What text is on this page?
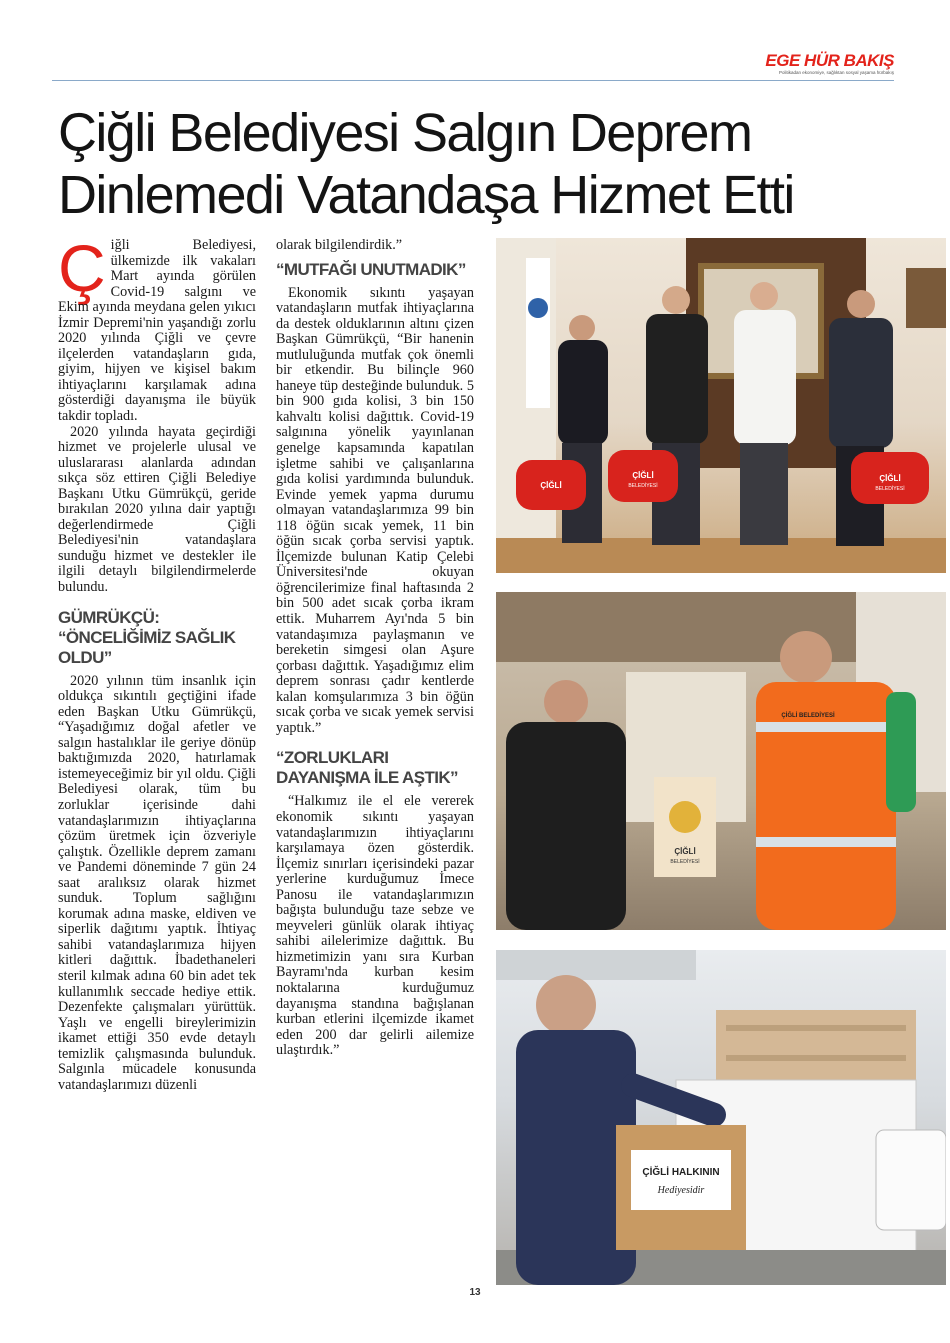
EGE HÜR BAKIŞ
Politikadan ekonomiye, sağlıktan sosyal yaşama hürbakış
Çiğli Belediyesi Salgın Deprem Dinlemedi Vatandaşa Hizmet Etti
Ç iğli Belediyesi, ülkemizde ilk vakaları Mart ayında görülen Covid-19 salgını ve Ekim ayında meydana gelen yıkıcı İzmir Depremi'nin yaşandığı zorlu 2020 yılında Çiğli ve çevre ilçelerden vatandaşların gıda, giyim, hijyen ve kişisel bakım ihtiyaçlarını karşılamak adına gösterdiği dayanışma ile büyük takdir topladı.

2020 yılında hayata geçirdiği hizmet ve projelerle ulusal ve uluslararası alanlarda adından sıkça söz ettiren Çiğli Belediye Başkanı Utku Gümrükçü, geride bırakılan 2020 yılına dair yaptığı değerlendirmede Çiğli Belediyesi'nin vatandaşlara sunduğu hizmet ve destekler ile ilgili detaylı bilgilendirmelerde bulundu.

GÜMRÜKÇÜ: “ÖNCELİĞİMİZ SAĞLIK OLDU”

2020 yılının tüm insanlık için oldukça sıkıntılı geçtiğini ifade eden Başkan Utku Gümrükçü, “Yaşadığımız doğal afetler ve salgın hastalıklar ile geriye dönüp baktığımızda 2020, hatırlamak istemeyeceğimiz bir yıl oldu. Çiğli Belediyesi olarak, tüm bu zorluklar içerisinde dahi vatandaşlarımızın ihtiyaçlarına çözüm üretmek için özveriyle çalıştık. Özellikle deprem zamanı ve Pandemi döneminde 7 gün 24 saat aralıksız olarak hizmet sunduk. Toplum sağlığını korumak adına maske, eldiven ve siperlik dağıtımı yaptık. İhtiyaç sahibi vatandaşlarımıza hijyen kitleri dağıttık. İbadethaneleri steril kılmak adına 60 bin adet tek kullanımlık seccade hediye ettik. Dezenfekte çalışmaları yürüttük. Yaşlı ve engelli bireylerimizin ikamet ettiği 350 evde detaylı temizlik çalışmasında bulunduk. Salgınla mücadele konusunda vatandaşlarımızı düzenli

olarak bilgilendirdik.”

“MUTFAĞI UNUTMADIK”

Ekonomik sıkıntı yaşayan vatandaşların mutfak ihtiyaçlarına da destek olduklarının altını çizen Başkan Gümrükçü, “Bir hanenin mutluluğunda mutfak çok önemli bir etkendir. Bu bilinçle 960 haneye tüp desteğinde bulunduk. 5 bin 900 gıda kolisi, 3 bin 150 kahvaltı kolisi dağıttık. Covid-19 salgınına yönelik yayınlanan genelge kapsamında kapatılan işletme sahibi ve çalışanlarına gıda kolisi yardımında bulunduk. Evinde yemek yapma durumu olmayan vatandaşlarımıza 99 bin 118 öğün sıcak yemek, 11 bin öğün sıcak çorba servisi yaptık. İlçemizde bulunan Katip Çelebi Üniversitesi'nde okuyan öğrencilerimize final haftasında 2 bin 500 adet sıcak çorba ikram ettik. Muharrem Ayı'nda 5 bin vatandaşımıza paylaşmanın ve bereketin simgesi olan Aşure çorbası dağıttık. Yaşadığımız elim deprem sonrası çadır kentlerde kalan komşularımıza 3 bin öğün sıcak çorba ve sıcak yemek servisi yaptık.”

“ZORLUKLARI DAYANIŞMA İLE AŞTIK”

“Halkımız ile el ele vererek ekonomik sıkıntı yaşayan vatandaşlarımızın ihtiyaçlarını karşılamaya özen gösterdik. İlçemiz sınırları içerisindeki pazar yerlerine kurduğumuz İmece Panosu ile vatandaşlarımızın bağışta bulunduğu taze sebze ve meyveleri günlük olarak ihtiyaç sahibi ailelerimize dağıttık. Bu hizmetimizin yanı sıra Kurban Bayramı'nda kurban kesim noktalarına kurduğumuz dayanışma standına bağışlanan kurban etlerini ilçemizde ikamet eden 200 dar gelirli ailemize ulaştırdık.”

ÇİĞLİ
ÇİĞLİ
BELEDİYESİ
ÇİĞLİ
BELEDİYESİ
ÇİĞLİ BELEDİYESİ
ÇİĞLİ
BELEDİYESİ
ÇİĞLİ HALKININ
Hediyesidir
13
